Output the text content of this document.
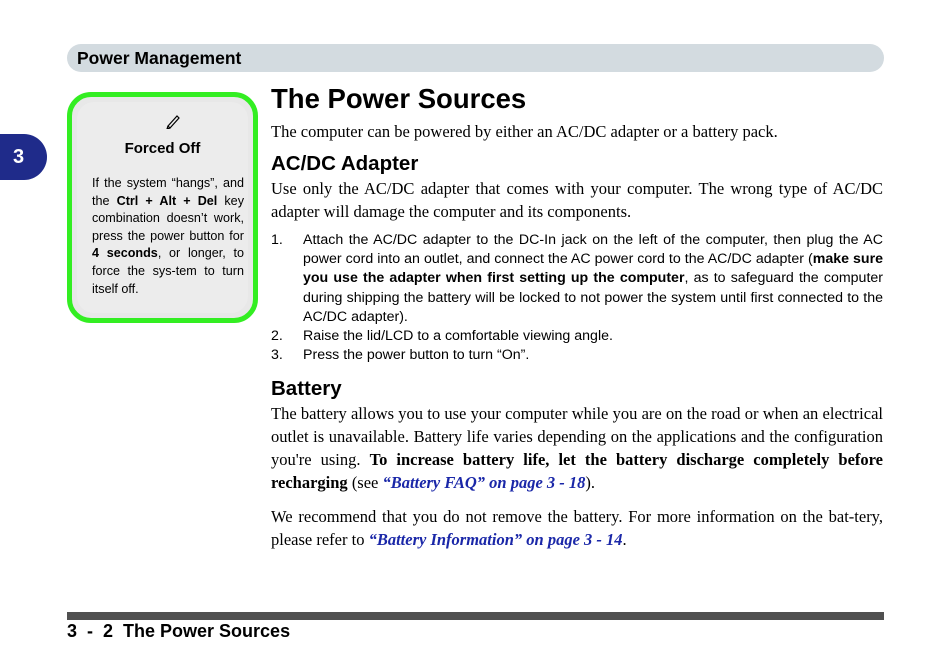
Power Management
3	Forced Off
If the system “hangs”, and the Ctrl + Alt + Del key combination doesn’t work, press the power button for 4 seconds, or longer, to force the sys-tem to turn itself off.
The Power Sources

The computer can be powered by either an AC/DC adapter or a battery pack.

AC/DC Adapter

Use only the AC/DC adapter that comes with your computer. The wrong type of AC/DC adapter will damage the computer and its components.

1. Attach the AC/DC adapter to the DC-In jack on the left of the computer, then plug the AC power cord into an outlet, and connect the AC power cord to the AC/DC adapter (make sure you use the adapter when first setting up the computer, as to safeguard the computer during shipping the battery will be locked to not power the system until first connected to the AC/DC adapter).
2. Raise the lid/LCD to a comfortable viewing angle.
3. Press the power button to turn “On”.
Battery

The battery allows you to use your computer while you are on the road or when an electrical outlet is unavailable. Battery life varies depending on the applications and the configuration you're using. To increase battery life, let the battery discharge completely before recharging (see “Battery FAQ” on page 3 - 18).

We recommend that you do not remove the battery. For more information on the bat-tery, please refer to “Battery Information” on page 3 - 14.

3  -  2  The Power Sources
